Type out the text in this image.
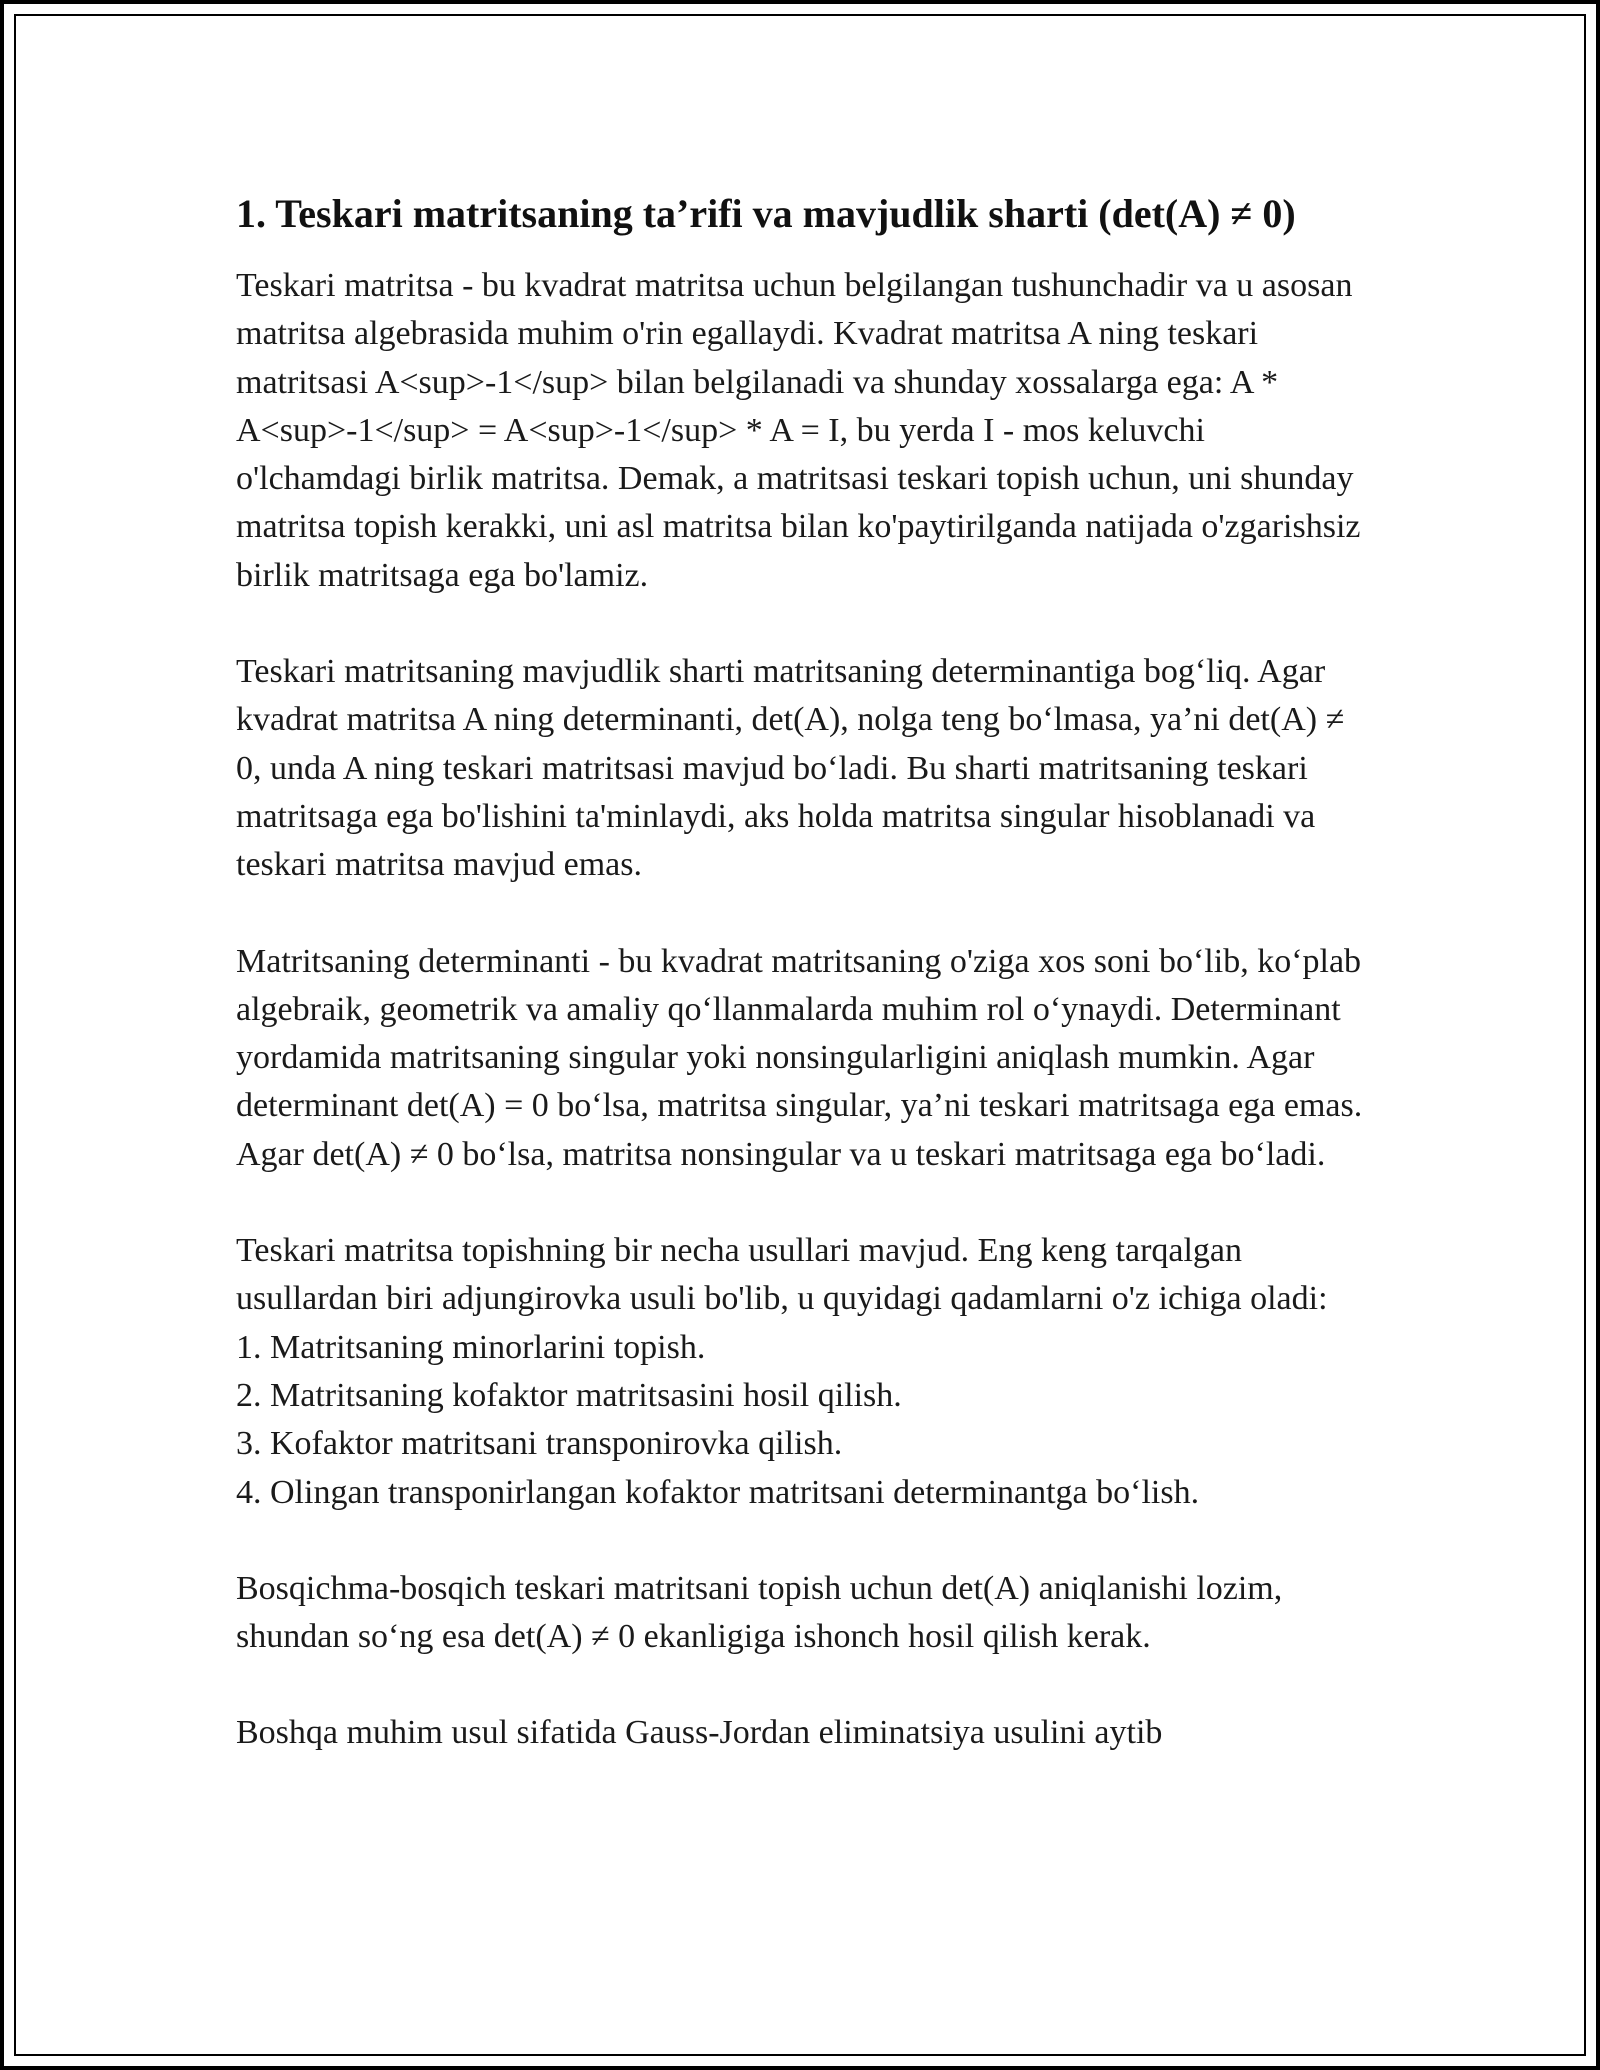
1. Teskari matritsaning ta’rifi va mavjudlik sharti (det(A) ≠ 0)

Teskari matritsa - bu kvadrat matritsa uchun belgilangan tushunchadir va u asosan matritsa algebrasida muhim o'rin egallaydi. Kvadrat matritsa A ning teskari matritsasi A<sup>-1</sup> bilan belgilanadi va shunday xossalarga ega: A * A<sup>-1</sup> = A<sup>-1</sup> * A = I, bu yerda I - mos keluvchi o'lchamdagi birlik matritsa. Demak, a matritsasi teskari topish uchun, uni shunday matritsa topish kerakki, uni asl matritsa bilan ko'paytirilganda natijada o'zgarishsiz birlik matritsaga ega bo'lamiz.

Teskari matritsaning mavjudlik sharti matritsaning determinantiga bog‘liq. Agar kvadrat matritsa A ning determinanti, det(A), nolga teng bo‘lmasa, ya’ni det(A) ≠ 0, unda A ning teskari matritsasi mavjud bo‘ladi. Bu sharti matritsaning teskari matritsaga ega bo'lishini ta'minlaydi, aks holda matritsa singular hisoblanadi va teskari matritsa mavjud emas.

Matritsaning determinanti - bu kvadrat matritsaning o'ziga xos soni bo‘lib, ko‘plab algebraik, geometrik va amaliy qo‘llanmalarda muhim rol o‘ynaydi. Determinant yordamida matritsaning singular yoki nonsingularligini aniqlash mumkin. Agar determinant det(A) = 0 bo‘lsa, matritsa singular, ya’ni teskari matritsaga ega emas. Agar det(A) ≠ 0 bo‘lsa, matritsa nonsingular va u teskari matritsaga ega bo‘ladi.

Teskari matritsa topishning bir necha usullari mavjud. Eng keng tarqalgan usullardan biri adjungirovka usuli bo'lib, u quyidagi qadamlarni o'z ichiga oladi:

1. Matritsaning minorlarini topish.
2. Matritsaning kofaktor matritsasini hosil qilish.
3. Kofaktor matritsani transponirovka qilish.
4. Olingan transponirlangan kofaktor matritsani determinantga bo‘lish.

Bosqichma-bosqich teskari matritsani topish uchun det(A) aniqlanishi lozim, shundan so‘ng esa det(A) ≠ 0 ekanligiga ishonch hosil qilish kerak.

Boshqa muhim usul sifatida Gauss-Jordan eliminatsiya usulini aytib
